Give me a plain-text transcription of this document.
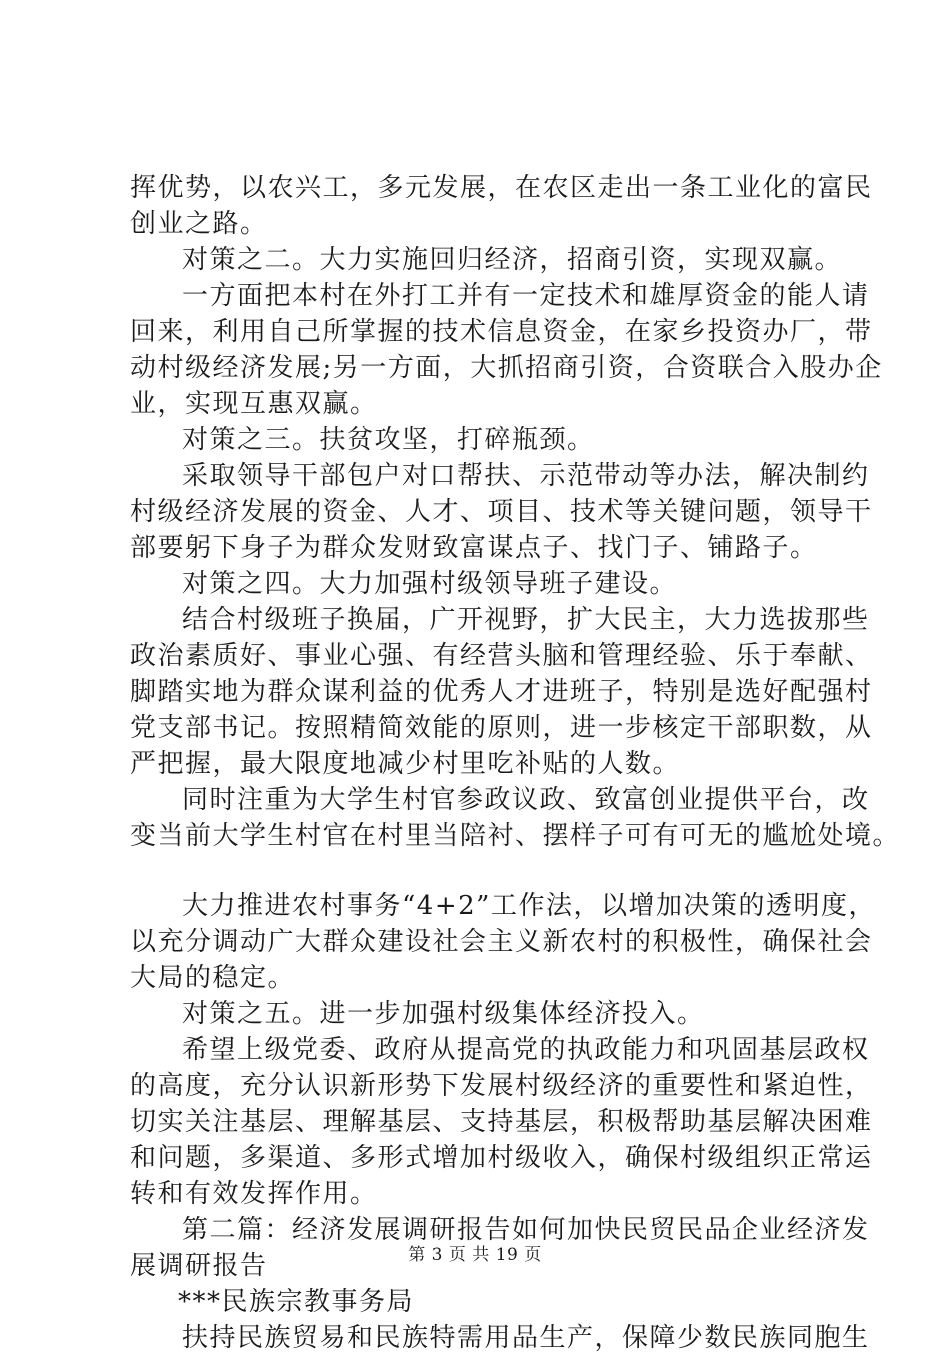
挥优势，以农兴工，多元发展，在农区走出一条工业化的富民
创业之路。
对策之二。大力实施回归经济，招商引资，实现双赢。
一方面把本村在外打工并有一定技术和雄厚资金的能人请
回来，利用自己所掌握的技术信息资金，在家乡投资办厂，带
动村级经济发展;另一方面，大抓招商引资，合资联合入股办企
业，实现互惠双赢。
对策之三。扶贫攻坚，打碎瓶颈。
采取领导干部包户对口帮扶、示范带动等办法，解决制约
村级经济发展的资金、人才、项目、技术等关键问题，领导干
部要躬下身子为群众发财致富谋点子、找门子、铺路子。
对策之四。大力加强村级领导班子建设。
结合村级班子换届，广开视野，扩大民主，大力选拔那些
政治素质好、事业心强、有经营头脑和管理经验、乐于奉献、
脚踏实地为群众谋利益的优秀人才进班子，特别是选好配强村
党支部书记。按照精简效能的原则，进一步核定干部职数，从
严把握，最大限度地减少村里吃补贴的人数。
同时注重为大学生村官参政议政、致富创业提供平台，改
变当前大学生村官在村里当陪衬、摆样子可有可无的尴尬处境。
大力推进农村事务“4+2”工作法，以增加决策的透明度，
以充分调动广大群众建设社会主义新农村的积极性，确保社会
大局的稳定。
对策之五。进一步加强村级集体经济投入。
希望上级党委、政府从提高党的执政能力和巩固基层政权
的高度，充分认识新形势下发展村级经济的重要性和紧迫性，
切实关注基层、理解基层、支持基层，积极帮助基层解决困难
和问题，多渠道、多形式增加村级收入，确保村级组织正常运
转和有效发挥作用。
第二篇：经济发展调研报告如何加快民贸民品企业经济发
展调研报告
***民族宗教事务局
扶持民族贸易和民族特需用品生产，保障少数民族同胞生
第 3 页 共 19 页
